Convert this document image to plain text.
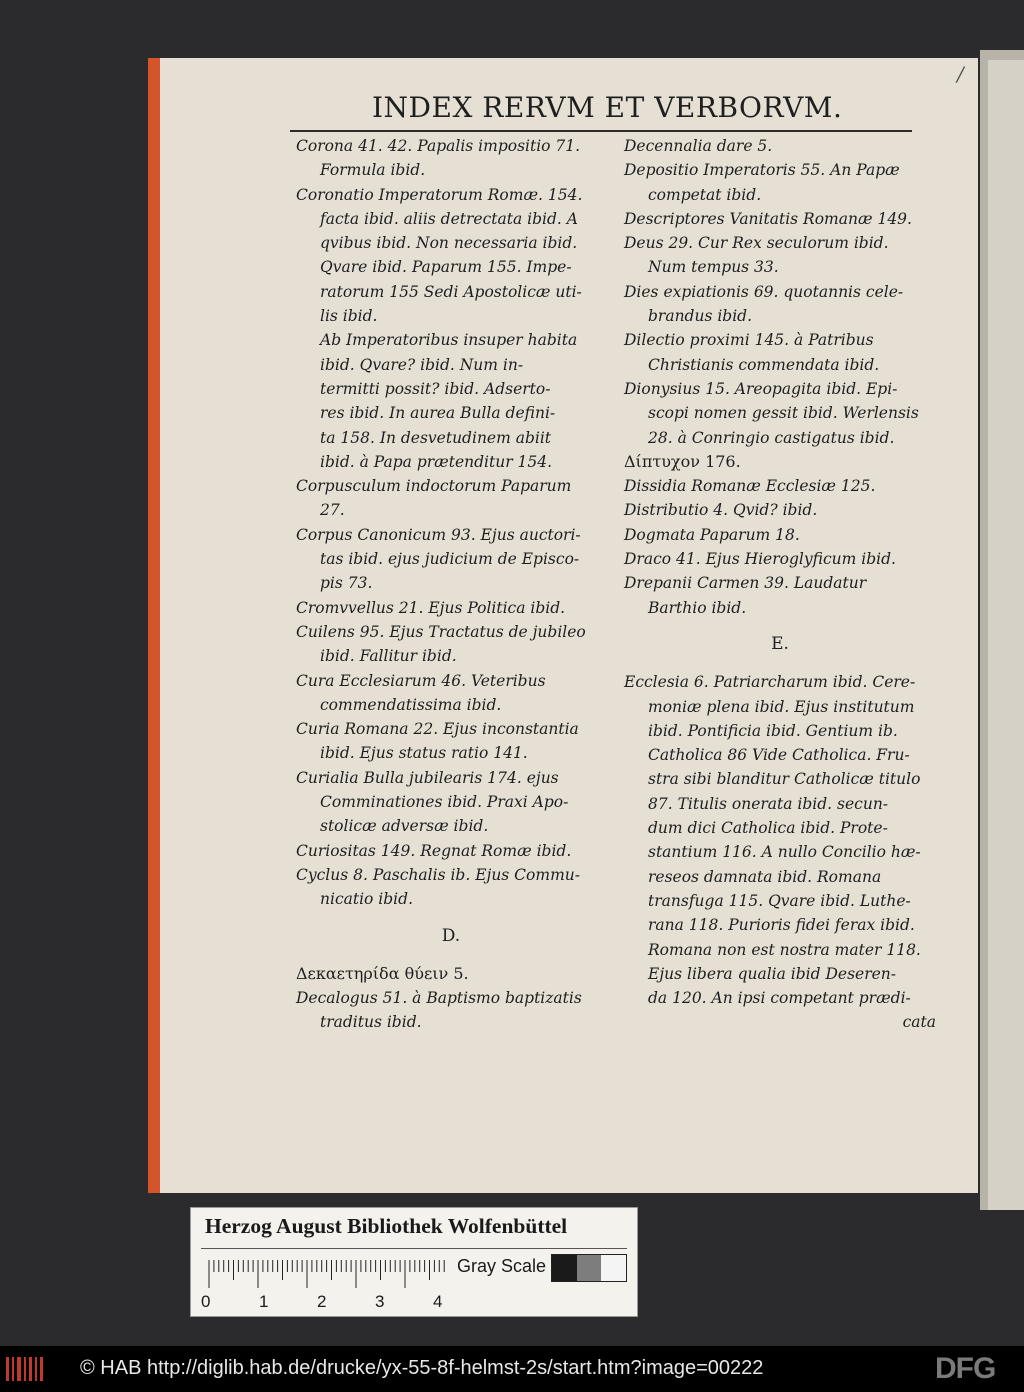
/
INDEX RERVM ET VERBORVM.

Corona 41. 42. Papalis impositio 71.
Formula ibid.

Coronatio Imperatorum Romæ. 154.
facta ibid. aliis detrectata ibid. A
qvibus ibid. Non necessaria ibid.
Qvare ibid. Paparum 155. Impe-
ratorum 155 Sedi Apostolicæ uti-
lis ibid.

Ab Imperatoribus insuper habita
ibid. Qvare? ibid. Num in-
termitti possit? ibid. Adserto-
res ibid. In aurea Bulla defini-
ta 158. In desvetudinem abiit
ibid. à Papa prætenditur 154.

Corpusculum indoctorum Paparum
27.

Corpus Canonicum 93. Ejus auctori-
tas ibid. ejus judicium de Episco-
pis 73.

Cromvvellus 21. Ejus Politica ibid.

Cuilens 95. Ejus Tractatus de jubileo
ibid. Fallitur ibid.

Cura Ecclesiarum 46. Veteribus
commendatissima ibid.

Curia Romana 22. Ejus inconstantia
ibid. Ejus status ratio 141.

Curialia Bulla jubilearis 174. ejus
Comminationes ibid. Praxi Apo-
stolicæ adversæ ibid.

Curiositas 149. Regnat Romæ ibid.

Cyclus 8. Paschalis ib. Ejus Commu-
nicatio ibid.

D.

Δεκαετηρίδα θύειν 5.

Decalogus 51. à Baptismo baptizatis
traditus ibid.

Decennalia dare 5.

Depositio Imperatoris 55. An Papæ
competat ibid.

Descriptores Vanitatis Romanæ 149.

Deus 29. Cur Rex seculorum ibid.
Num tempus 33.

Dies expiationis 69. quotannis cele-
brandus ibid.

Dilectio proximi 145. à Patribus
Christianis commendata ibid.

Dionysius 15. Areopagita ibid. Epi-
scopi nomen gessit ibid. Werlensis
28. à Conringio castigatus ibid.

Δίπτυχον 176.

Dissidia Romanæ Ecclesiæ 125.

Distributio 4. Qvid? ibid.

Dogmata Paparum 18.

Draco 41. Ejus Hieroglyficum ibid.

Drepanii Carmen 39. Laudatur
Barthio ibid.

E.

Ecclesia 6. Patriarcharum ibid. Cere-
moniæ plena ibid. Ejus institutum
ibid. Pontificia ibid. Gentium ib.
Catholica 86 Vide Catholica. Fru-
stra sibi blanditur Catholicæ titulo
87. Titulis onerata ibid. secun-
dum dici Catholica ibid. Prote-
stantium 116. A nullo Concilio hæ-
reseos damnata ibid. Romana
transfuga 115. Qvare ibid. Luthe-
rana 118. Purioris fidei ferax ibid.
Romana non est nostra mater 118.
Ejus libera qualia ibid Deseren-
da 120. An ipsi competant prædi-

cata

Herzog August Bibliothek Wolfenbüttel
0	1	2	3	4
Gray Scale
© HAB http://diglib.hab.de/drucke/yx-55-8f-helmst-2s/start.htm?image=00222	DFG
